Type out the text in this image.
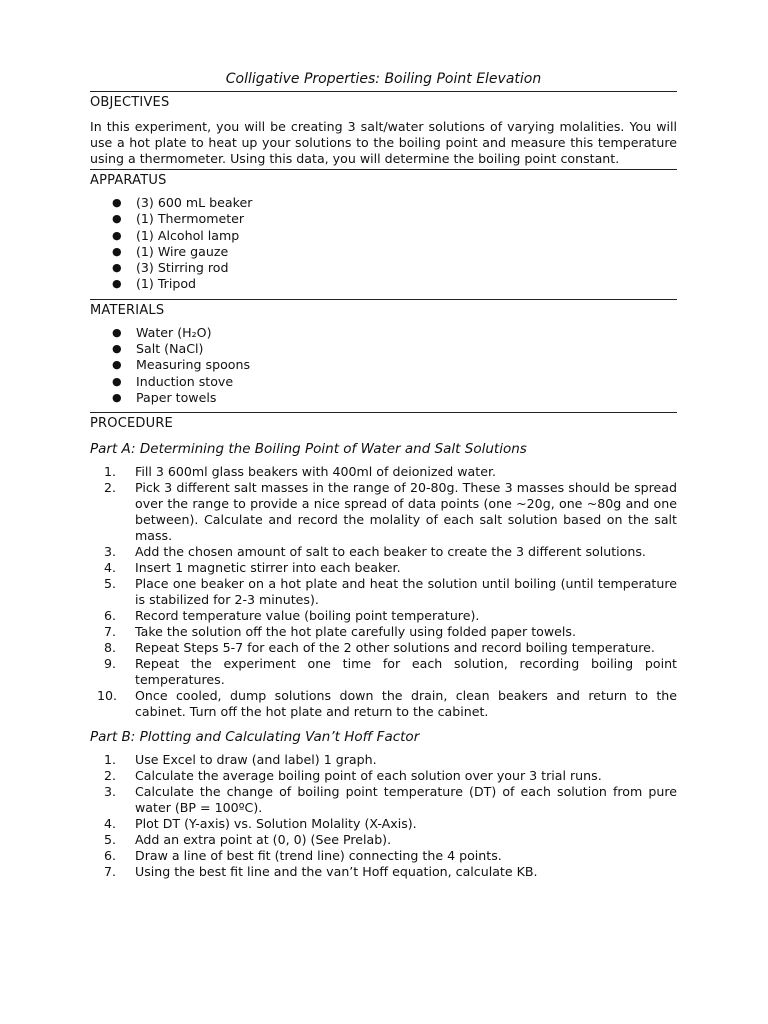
Colligative Properties: Boiling Point Elevation
OBJECTIVES
In this experiment, you will be creating 3 salt/water solutions of varying molalities. You will use a hot plate to heat up your solutions to the boiling point and measure this temperature using a thermometer. Using this data, you will determine the boiling point constant.
APPARATUS
● (3) 600 mL beaker
● (1) Thermometer
● (1) Alcohol lamp
● (1) Wire gauze
● (3) Stirring rod
● (1) Tripod
MATERIALS
● Water (H₂O)
● Salt (NaCl)
● Measuring spoons
● Induction stove
● Paper towels
PROCEDURE
Part A: Determining the Boiling Point of Water and Salt Solutions
1.	Fill 3 600ml glass beakers with 400ml of deionized water.
2.	Pick 3 different salt masses in the range of 20-80g. These 3 masses should be spread over the range to provide a nice spread of data points (one ~20g, one ~80g and one between). Calculate and record the molality of each salt solution based on the salt mass.
3.	Add the chosen amount of salt to each beaker to create the 3 different solutions.
4.	Insert 1 magnetic stirrer into each beaker.
5.	Place one beaker on a hot plate and heat the solution until boiling (until temperature is stabilized for 2-3 minutes).
6.	Record temperature value (boiling point temperature).
7.	Take the solution off the hot plate carefully using folded paper towels.
8.	Repeat Steps 5-7 for each of the 2 other solutions and record boiling temperature.
9.	Repeat the experiment one time for each solution, recording boiling point temperatures.
10.	Once cooled, dump solutions down the drain, clean beakers and return to the cabinet. Turn off the hot plate and return to the cabinet.
Part B: Plotting and Calculating Van’t Hoff Factor
1.	Use Excel to draw (and label) 1 graph.
2.	Calculate the average boiling point of each solution over your 3 trial runs.
3.	Calculate the change of boiling point temperature (DT) of each solution from pure water (BP = 100ºC).
4.	Plot DT (Y-axis) vs. Solution Molality (X-Axis).
5.	Add an extra point at (0, 0) (See Prelab).
6.	Draw a line of best fit (trend line) connecting the 4 points.
7.	Using the best fit line and the van’t Hoff equation, calculate KB.
